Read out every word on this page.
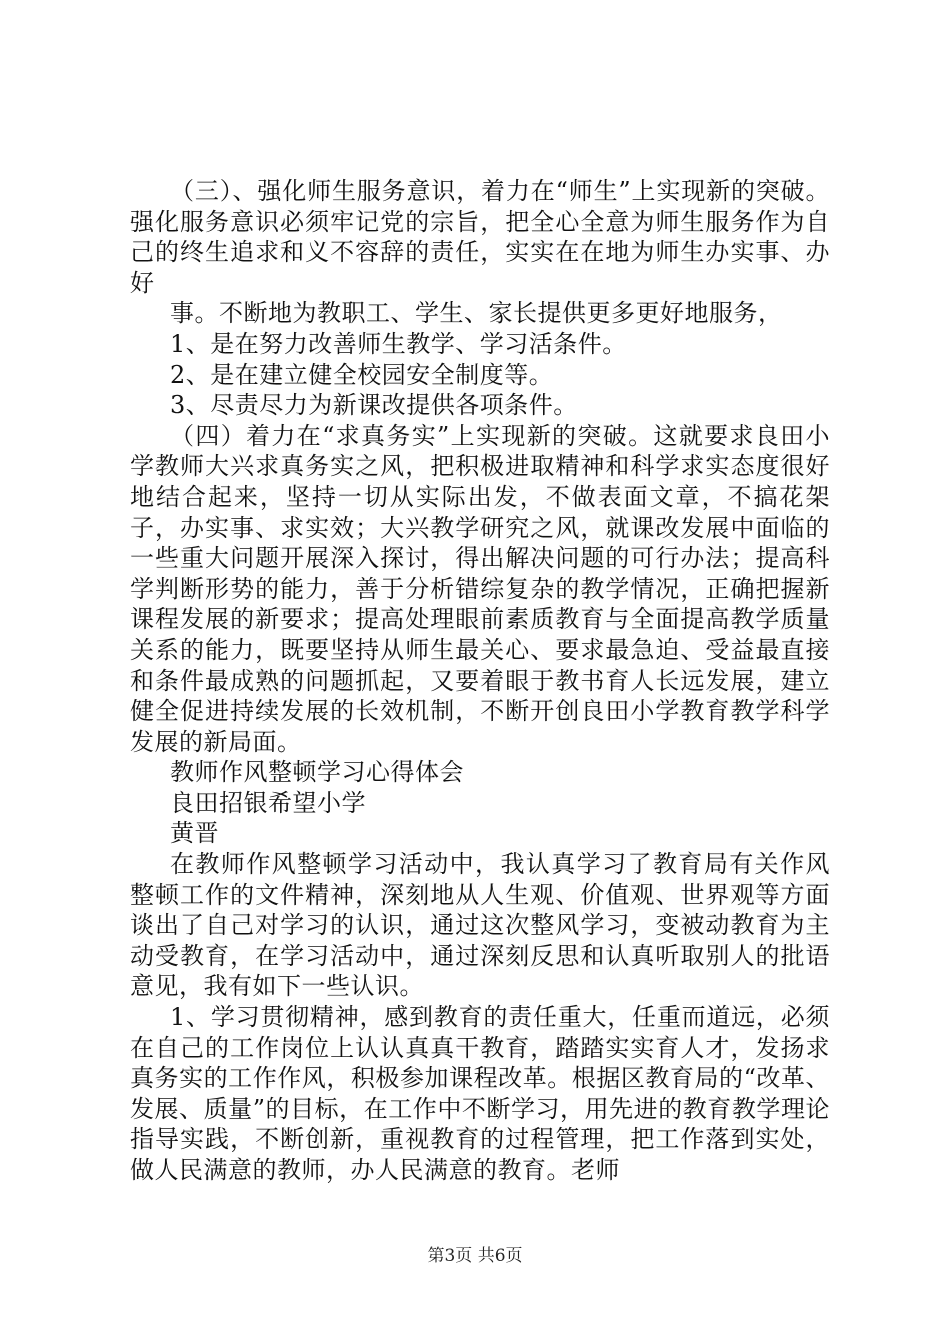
（三）、强化师生服务意识，着力在“师生”上实现新的突破。强化服务意识必须牢记党的宗旨，把全心全意为师生服务作为自己的终生追求和义不容辞的责任，实实在在地为师生办实事、办好

事。不断地为教职工、学生、家长提供更多更好地服务，

1、是在努力改善师生教学、学习活条件。

2、是在建立健全校园安全制度等。

3、尽责尽力为新课改提供各项条件。

（四）着力在“求真务实”上实现新的突破。这就要求良田小学教师大兴求真务实之风，把积极进取精神和科学求实态度很好地结合起来，坚持一切从实际出发，不做表面文章，不搞花架子，办实事、求实效；大兴教学研究之风，就课改发展中面临的一些重大问题开展深入探讨，得出解决问题的可行办法；提高科学判断形势的能力，善于分析错综复杂的教学情况，正确把握新课程发展的新要求；提高处理眼前素质教育与全面提高教学质量关系的能力，既要坚持从师生最关心、要求最急迫、受益最直接和条件最成熟的问题抓起，又要着眼于教书育人长远发展，建立健全促进持续发展的长效机制，不断开创良田小学教育教学科学发展的新局面。

教师作风整顿学习心得体会

良田招银希望小学

黄晋

在教师作风整顿学习活动中，我认真学习了教育局有关作风整顿工作的文件精神，深刻地从人生观、价值观、世界观等方面谈出了自己对学习的认识，通过这次整风学习，变被动教育为主动受教育，在学习活动中，通过深刻反思和认真听取别人的批语意见，我有如下一些认识。

1、学习贯彻精神，感到教育的责任重大，任重而道远，必须在自己的工作岗位上认认真真干教育，踏踏实实育人才，发扬求真务实的工作作风，积极参加课程改革。根据区教育局的“改革、发展、质量”的目标，在工作中不断学习，用先进的教育教学理论指导实践，不断创新，重视教育的过程管理，把工作落到实处，做人民满意的教师，办人民满意的教育。老师

第3页 共6页
